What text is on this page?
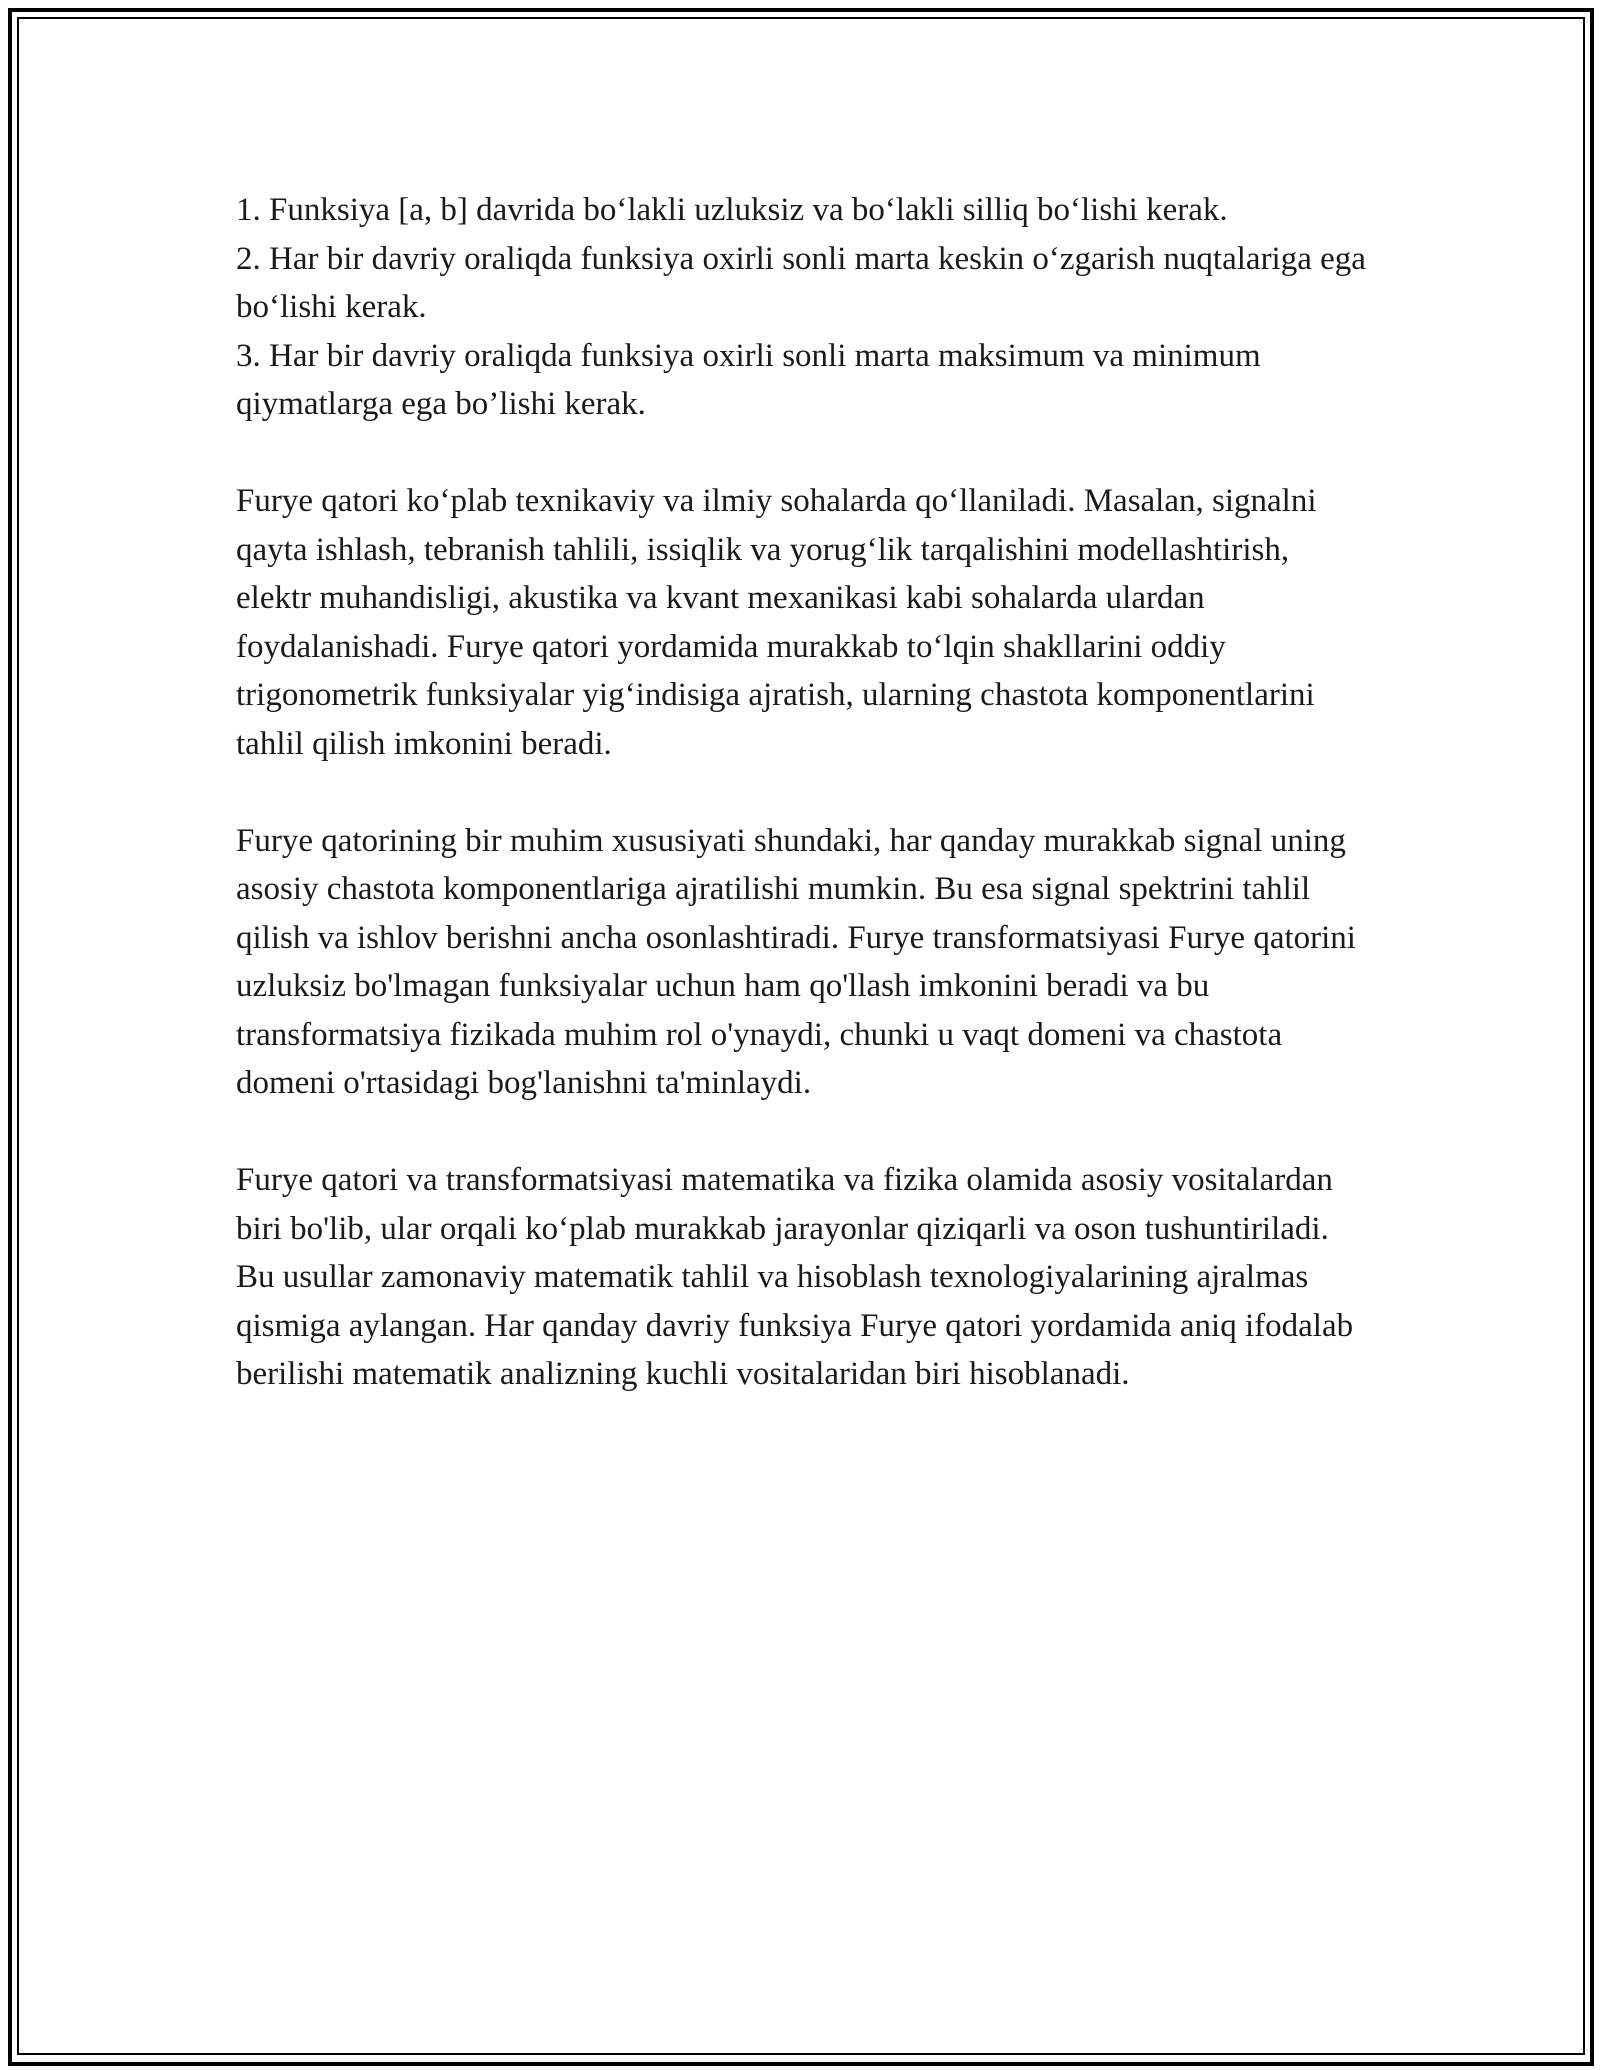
1. Funksiya [a, b] davrida bo‘lakli uzluksiz va bo‘lakli silliq bo‘lishi kerak.

2. Har bir davriy oraliqda funksiya oxirli sonli marta keskin o‘zgarish nuqtalariga ega bo‘lishi kerak.

3. Har bir davriy oraliqda funksiya oxirli sonli marta maksimum va minimum qiymatlarga ega bo’lishi kerak.

Furye qatori ko‘plab texnikaviy va ilmiy sohalarda qo‘llaniladi. Masalan, signalni qayta ishlash, tebranish tahlili, issiqlik va yorug‘lik tarqalishini modellashtirish, elektr muhandisligi, akustika va kvant mexanikasi kabi sohalarda ulardan foydalanishadi. Furye qatori yordamida murakkab to‘lqin shakllarini oddiy trigonometrik funksiyalar yig‘indisiga ajratish, ularning chastota komponentlarini tahlil qilish imkonini beradi.

Furye qatorining bir muhim xususiyati shundaki, har qanday murakkab signal uning asosiy chastota komponentlariga ajratilishi mumkin. Bu esa signal spektrini tahlil qilish va ishlov berishni ancha osonlashtiradi. Furye transformatsiyasi Furye qatorini uzluksiz bo'lmagan funksiyalar uchun ham qo'llash imkonini beradi va bu transformatsiya fizikada muhim rol o'ynaydi, chunki u vaqt domeni va chastota domeni o'rtasidagi bog'lanishni ta'minlaydi.

Furye qatori va transformatsiyasi matematika va fizika olamida asosiy vositalardan biri bo'lib, ular orqali ko‘plab murakkab jarayonlar qiziqarli va oson tushuntiriladi. Bu usullar zamonaviy matematik tahlil va hisoblash texnologiyalarining ajralmas qismiga aylangan. Har qanday davriy funksiya Furye qatori yordamida aniq ifodalab berilishi matematik analizning kuchli vositalaridan biri hisoblanadi.
